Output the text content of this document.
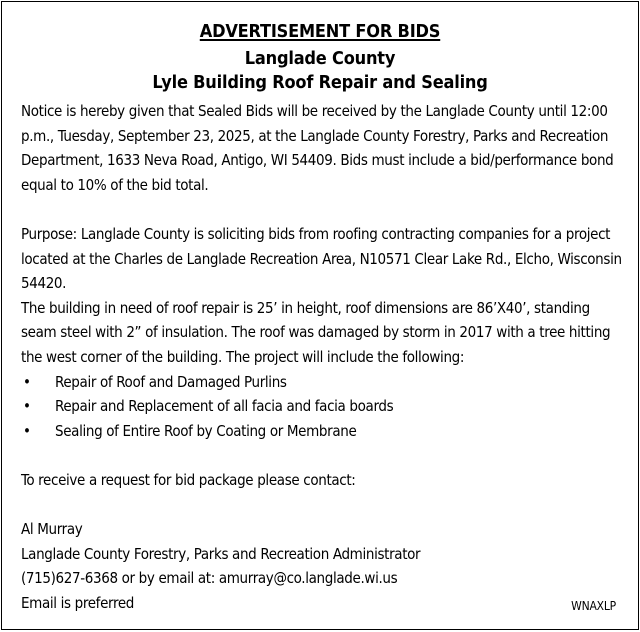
ADVERTISEMENT FOR BIDS
Langlade County
Lyle Building Roof Repair and Sealing
Notice is hereby given that Sealed Bids will be received by the Langlade County until 12:00
p.m., Tuesday, September 23, 2025, at the Langlade County Forestry, Parks and Recreation
Department, 1633 Neva Road, Antigo, WI 54409. Bids must include a bid/performance bond
equal to 10% of the bid total.
Purpose: Langlade County is soliciting bids from roofing contracting companies for a project
located at the Charles de Langlade Recreation Area, N10571 Clear Lake Rd., Elcho, Wisconsin
54420.
The building in need of roof repair is 25’ in height, roof dimensions are 86’X40’, standing
seam steel with 2” of insulation. The roof was damaged by storm in 2017 with a tree hitting
the west corner of the building. The project will include the following:
• Repair of Roof and Damaged Purlins
• Repair and Replacement of all facia and facia boards
• Sealing of Entire Roof by Coating or Membrane
To receive a request for bid package please contact:
Al Murray
Langlade County Forestry, Parks and Recreation Administrator
(715)627-6368 or by email at: amurray@co.langlade.wi.us
Email is preferred	WNAXLP
